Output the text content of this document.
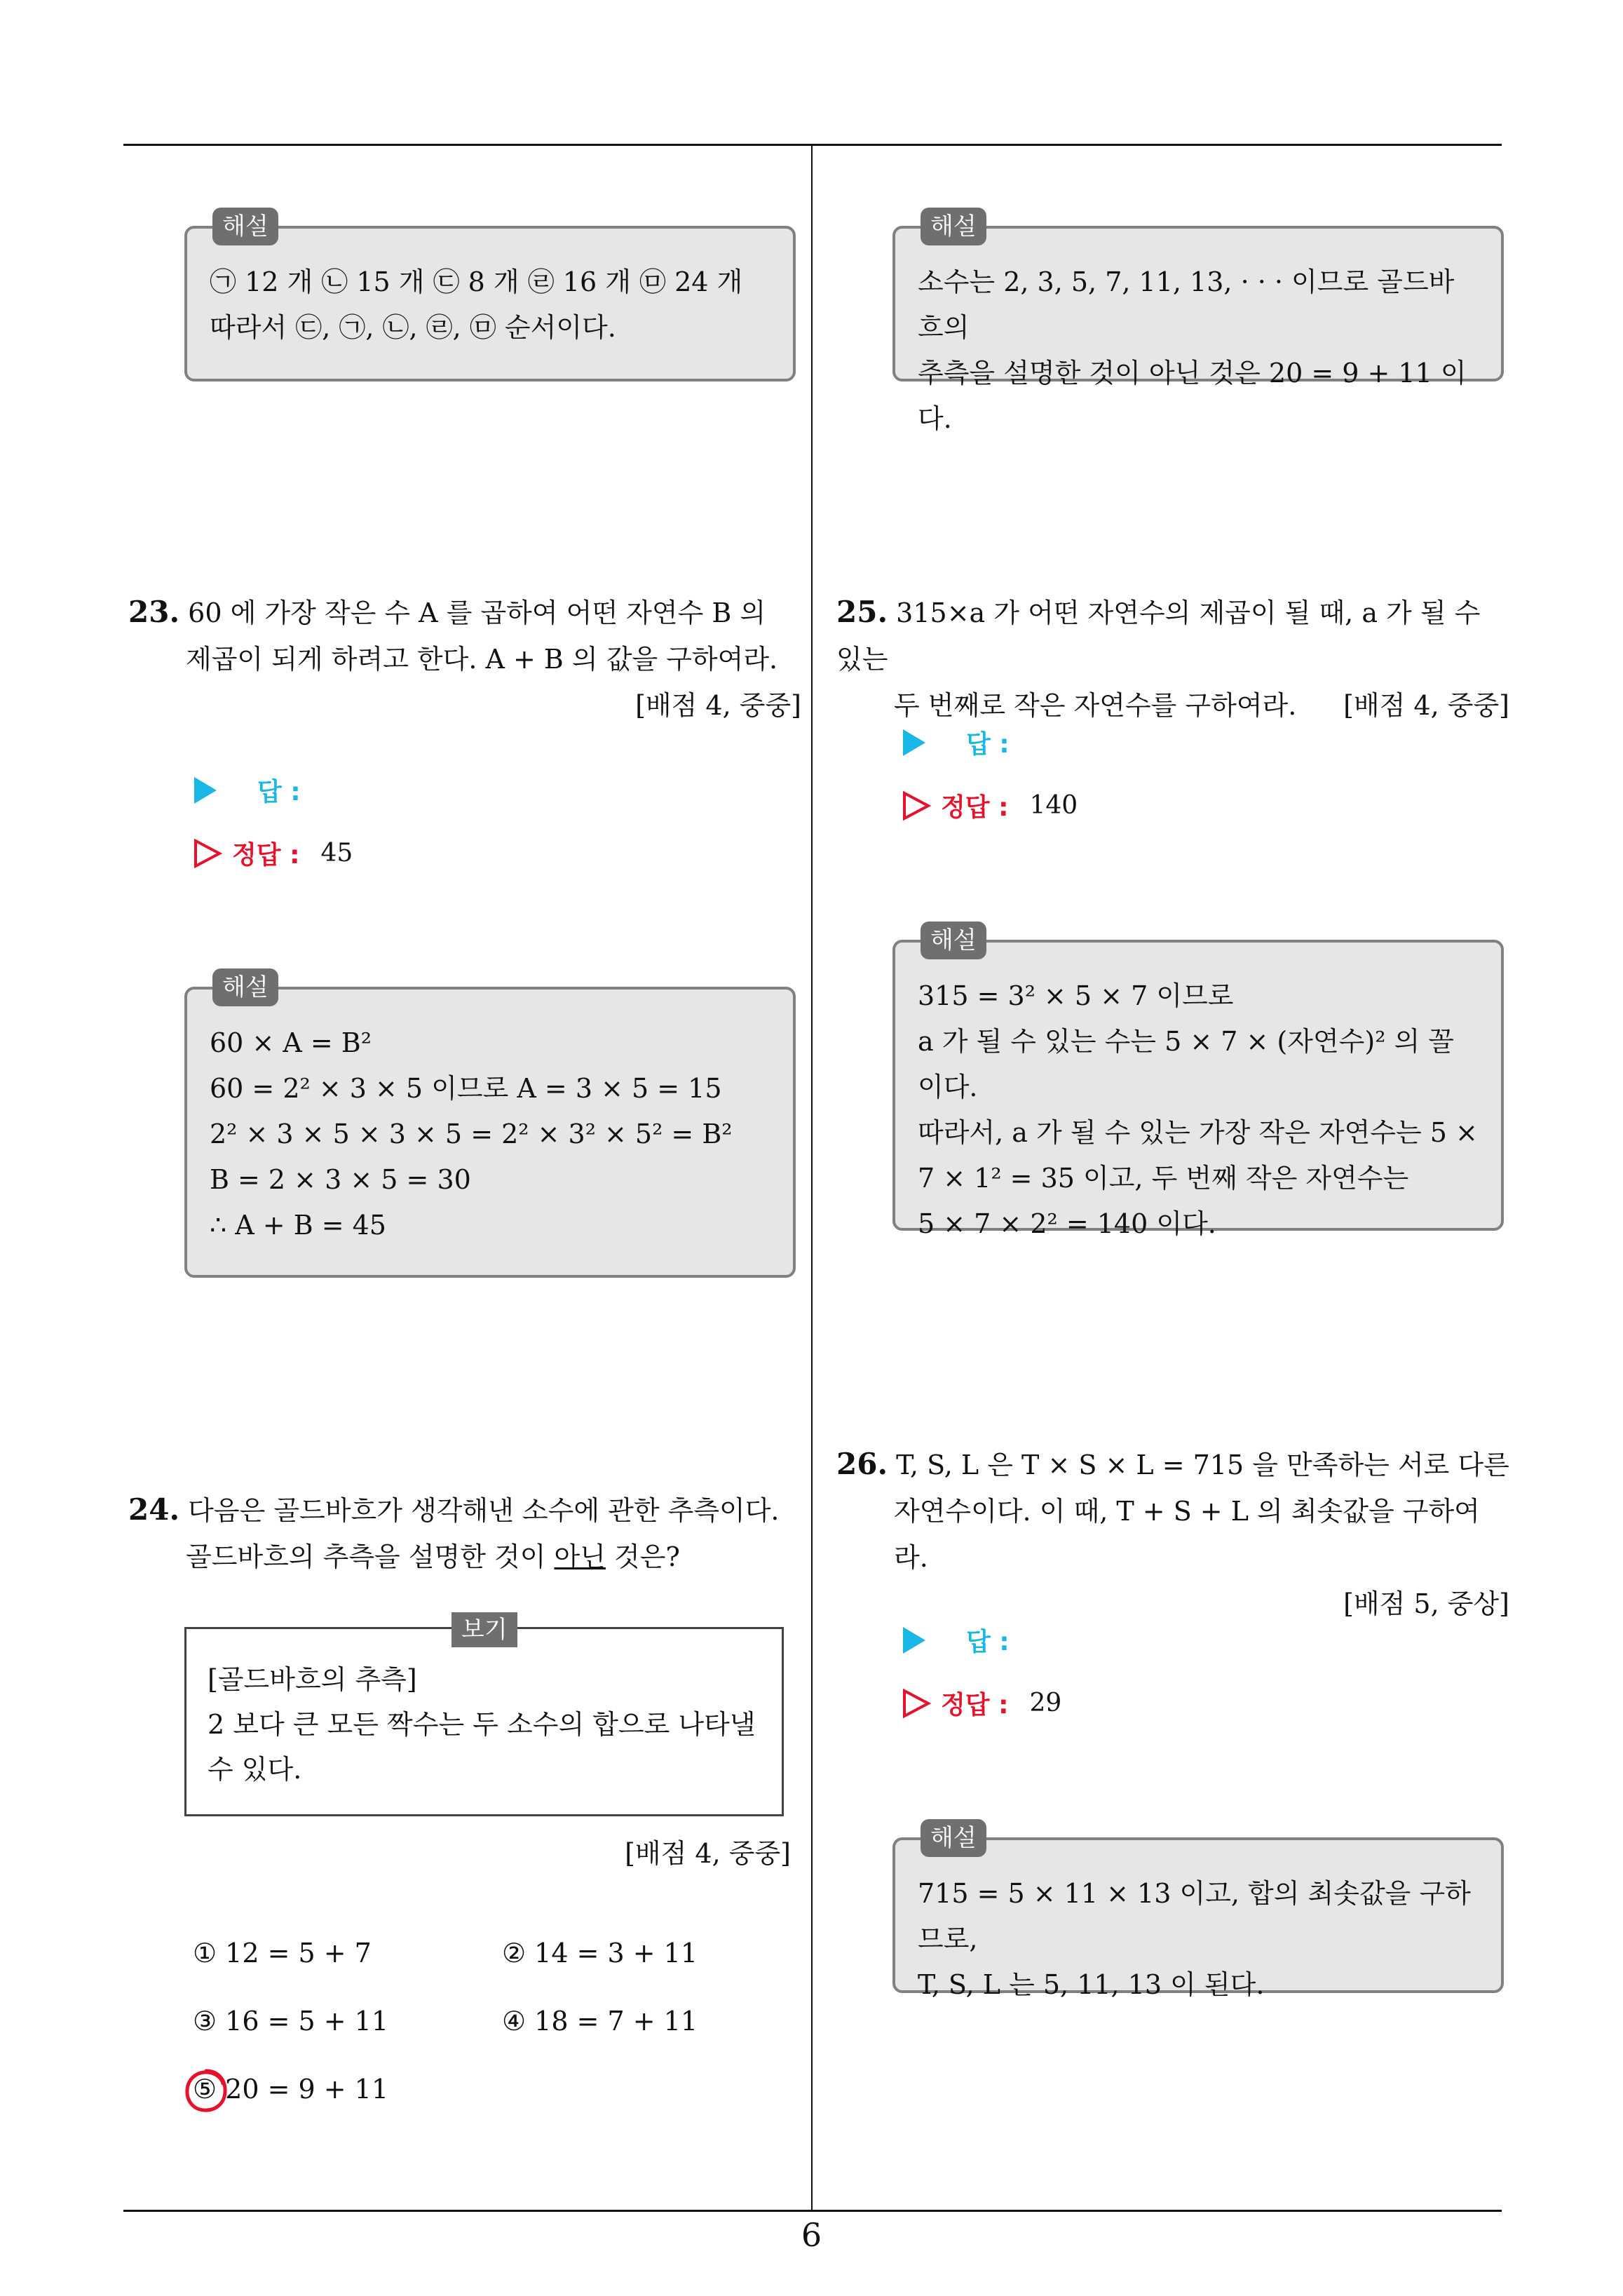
해설
㉠ 12 개 ㉡ 15 개 ㉢ 8 개 ㉣ 16 개 ㉤ 24 개
따라서 ㉢, ㉠, ㉡, ㉣, ㉤ 순서이다.
해설
소수는 2, 3, 5, 7, 11, 13, · · · 이므로 골드바흐의
추측을 설명한 것이 아닌 것은 20 = 9 + 11 이다.
23. 60 에 가장 작은 수 A 를 곱하여 어떤 자연수 B 의
제곱이 되게 하려고 한다. A + B 의 값을 구하여라.
[배점 4, 중중]
답 :
정답 : 45
해설
60 × A = B²
60 = 2² × 3 × 5 이므로 A = 3 × 5 = 15
2² × 3 × 5 × 3 × 5 = 2² × 3² × 5² = B²
B = 2 × 3 × 5 = 30
∴ A + B = 45
24. 다음은 골드바흐가 생각해낸 소수에 관한 추측이다.
골드바흐의 추측을 설명한 것이 아닌 것은?
보기
[골드바흐의 추측]
2 보다 큰 모든 짝수는 두 소수의 합으로 나타낼
수 있다.
[배점 4, 중중]
① 12 = 5 + 7	② 14 = 3 + 11
③ 16 = 5 + 11	④ 18 = 7 + 11
⑤ 20 = 9 + 11
25. 315×a 가 어떤 자연수의 제곱이 될 때, a 가 될 수 있는
두 번째로 작은 자연수를 구하여라. [배점 4, 중중]
답 :
정답 : 140
해설
315 = 3² × 5 × 7 이므로
a 가 될 수 있는 수는 5 × 7 × (자연수)² 의 꼴이다.
따라서, a 가 될 수 있는 가장 작은 자연수는 5 ×
7 × 1² = 35 이고, 두 번째 작은 자연수는
5 × 7 × 2² = 140 이다.
26. T, S, L 은 T × S × L = 715 을 만족하는 서로 다른
자연수이다. 이 때, T + S + L 의 최솟값을 구하여라.
[배점 5, 중상]
답 :
정답 : 29
해설
715 = 5 × 11 × 13 이고, 합의 최솟값을 구하므로,
T, S, L 는 5, 11, 13 이 된다.
6
